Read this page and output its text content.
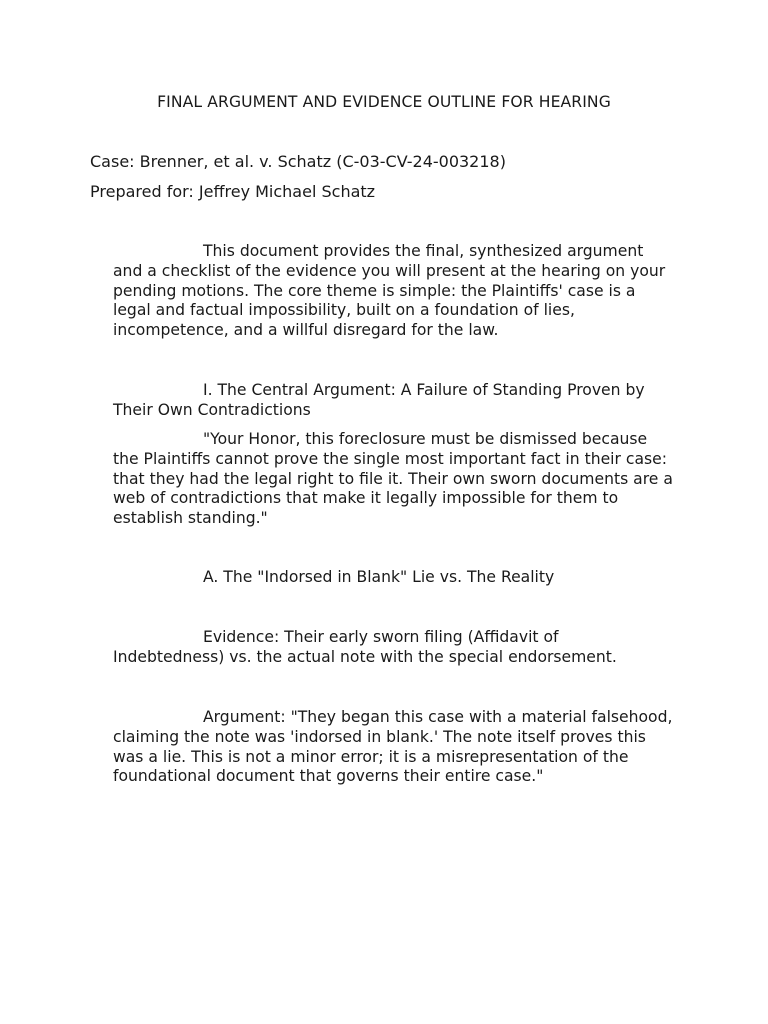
FINAL ARGUMENT AND EVIDENCE OUTLINE FOR HEARING
Case: Brenner, et al. v. Schatz (C-03-CV-24-003218)
Prepared for: Jeffrey Michael Schatz

This document provides the final, synthesized argument and a checklist of the evidence you will present at the hearing on your pending motions. The core theme is simple: the Plaintiffs' case is a legal and factual impossibility, built on a foundation of lies, incompetence, and a willful disregard for the law.

I. The Central Argument: A Failure of Standing Proven by Their Own Contradictions

"Your Honor, this foreclosure must be dismissed because the Plaintiffs cannot prove the single most important fact in their case: that they had the legal right to file it. Their own sworn documents are a web of contradictions that make it legally impossible for them to establish standing."

A. The "Indorsed in Blank" Lie vs. The Reality

Evidence: Their early sworn filing (Affidavit of Indebtedness) vs. the actual note with the special endorsement.

Argument: "They began this case with a material falsehood, claiming the note was 'indorsed in blank.' The note itself proves this was a lie. This is not a minor error; it is a misrepresentation of the foundational document that governs their entire case."
